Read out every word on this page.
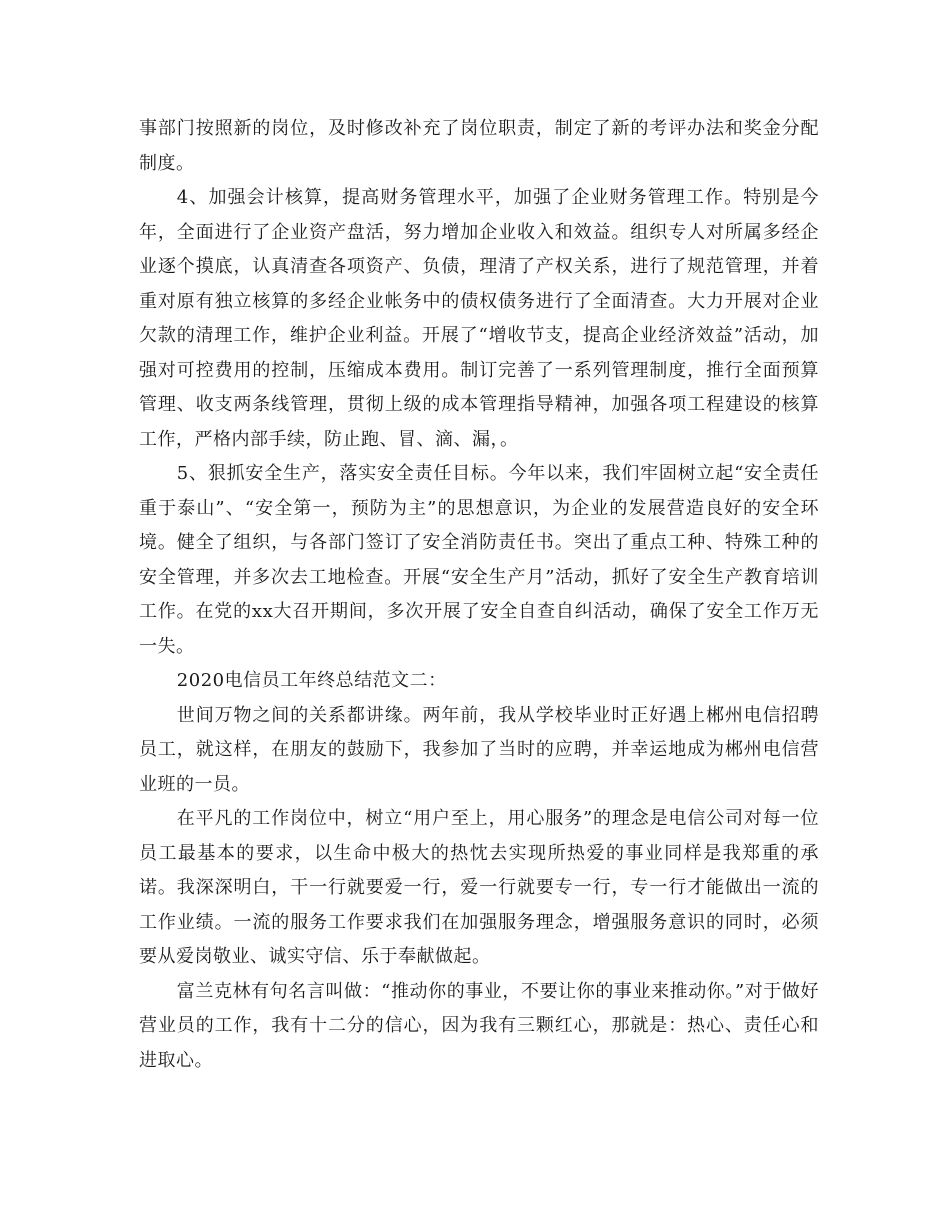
事部门按照新的岗位，及时修改补充了岗位职责，制定了新的考评办法和奖金分配制度。

4、加强会计核算，提高财务管理水平，加强了企业财务管理工作。特别是今年，全面进行了企业资产盘活，努力增加企业收入和效益。组织专人对所属多经企业逐个摸底，认真清查各项资产、负债，理清了产权关系，进行了规范管理，并着重对原有独立核算的多经企业帐务中的债权债务进行了全面清查。大力开展对企业欠款的清理工作，维护企业利益。开展了“增收节支，提高企业经济效益”活动，加强对可控费用的控制，压缩成本费用。制订完善了一系列管理制度，推行全面预算管理、收支两条线管理，贯彻上级的成本管理指导精神，加强各项工程建设的核算工作，严格内部手续，防止跑、冒、滴、漏，。

5、狠抓安全生产，落实安全责任目标。今年以来，我们牢固树立起“安全责任重于泰山”、“安全第一，预防为主”的思想意识，为企业的发展营造良好的安全环境。健全了组织，与各部门签订了安全消防责任书。突出了重点工种、特殊工种的安全管理，并多次去工地检查。开展“安全生产月”活动，抓好了安全生产教育培训工作。在党的xx大召开期间，多次开展了安全自查自纠活动，确保了安全工作万无一失。

2020电信员工年终总结范文二：

世间万物之间的关系都讲缘。两年前，我从学校毕业时正好遇上郴州电信招聘员工，就这样，在朋友的鼓励下，我参加了当时的应聘，并幸运地成为郴州电信营业班的一员。

在平凡的工作岗位中，树立“用户至上，用心服务”的理念是电信公司对每一位员工最基本的要求，以生命中极大的热忱去实现所热爱的事业同样是我郑重的承诺。我深深明白，干一行就要爱一行，爱一行就要专一行，专一行才能做出一流的工作业绩。一流的服务工作要求我们在加强服务理念，增强服务意识的同时，必须要从爱岗敬业、诚实守信、乐于奉献做起。

富兰克林有句名言叫做：“推动你的事业，不要让你的事业来推动你。”对于做好营业员的工作，我有十二分的信心，因为我有三颗红心，那就是：热心、责任心和进取心。
